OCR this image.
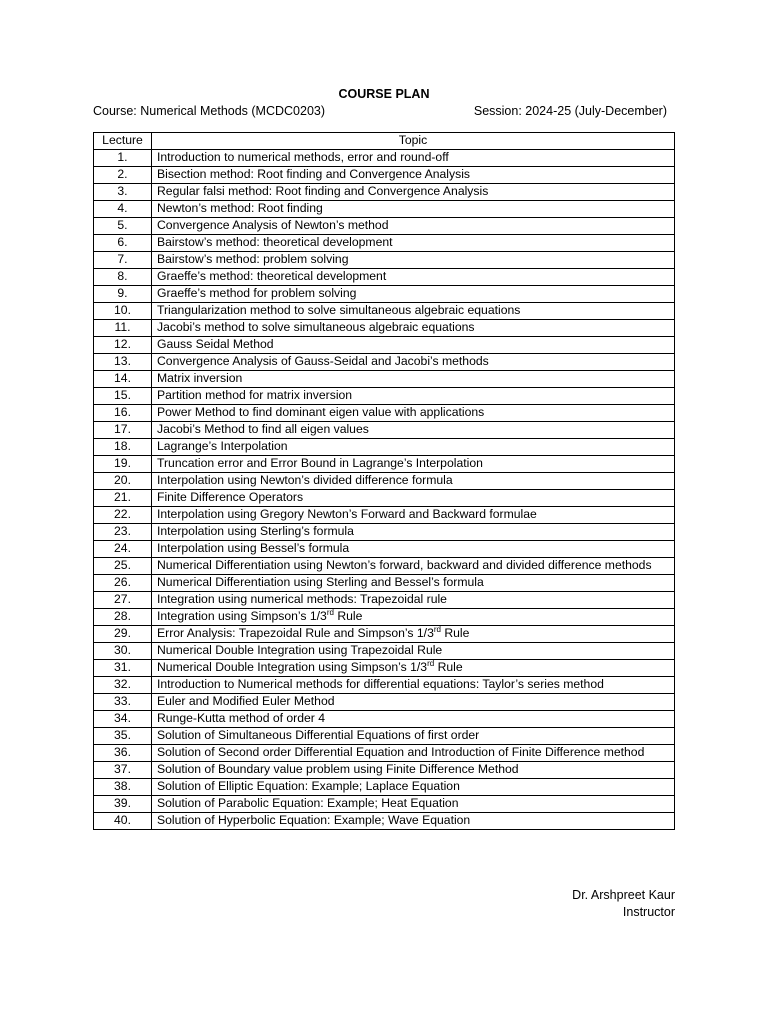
COURSE PLAN
Course: Numerical Methods (MCDC0203)	Session: 2024-25 (July-December)
Lecture	Topic
1.	Introduction to numerical methods, error and round-off
2.	Bisection method: Root finding and Convergence Analysis
3.	Regular falsi method: Root finding and Convergence Analysis
4.	Newton’s method: Root finding
5.	Convergence Analysis of Newton’s method
6.	Bairstow’s method: theoretical development
7.	Bairstow’s method: problem solving
8.	Graeffe’s method: theoretical development
9.	Graeffe’s method for problem solving
10.	Triangularization method to solve simultaneous algebraic equations
11.	Jacobi’s method to solve simultaneous algebraic equations
12.	Gauss Seidal Method
13.	Convergence Analysis of Gauss-Seidal and Jacobi’s methods
14.	Matrix inversion
15.	Partition method for matrix inversion
16.	Power Method to find dominant eigen value with applications
17.	Jacobi’s Method to find all eigen values
18.	Lagrange’s Interpolation
19.	Truncation error and Error Bound in Lagrange’s Interpolation
20.	Interpolation using Newton’s divided difference formula
21.	Finite Difference Operators
22.	Interpolation using Gregory Newton’s Forward and Backward formulae
23.	Interpolation using Sterling’s formula
24.	Interpolation using Bessel’s formula
25.	Numerical Differentiation using Newton’s forward, backward and divided difference methods
26.	Numerical Differentiation using Sterling and Bessel’s formula
27.	Integration using numerical methods: Trapezoidal rule
28.	Integration using Simpson’s 1/3rd Rule
29.	Error Analysis: Trapezoidal Rule and Simpson’s 1/3rd Rule
30.	Numerical Double Integration using Trapezoidal Rule
31.	Numerical Double Integration using Simpson’s 1/3rd Rule
32.	Introduction to Numerical methods for differential equations: Taylor’s series method
33.	Euler and Modified Euler Method
34.	Runge-Kutta method of order 4
35.	Solution of Simultaneous Differential Equations of first order
36.	Solution of Second order Differential Equation and Introduction of Finite Difference method
37.	Solution of Boundary value problem using Finite Difference Method
38.	Solution of Elliptic Equation: Example; Laplace Equation
39.	Solution of Parabolic Equation: Example; Heat Equation
40.	Solution of Hyperbolic Equation: Example; Wave Equation
Dr. Arshpreet Kaur
Instructor
